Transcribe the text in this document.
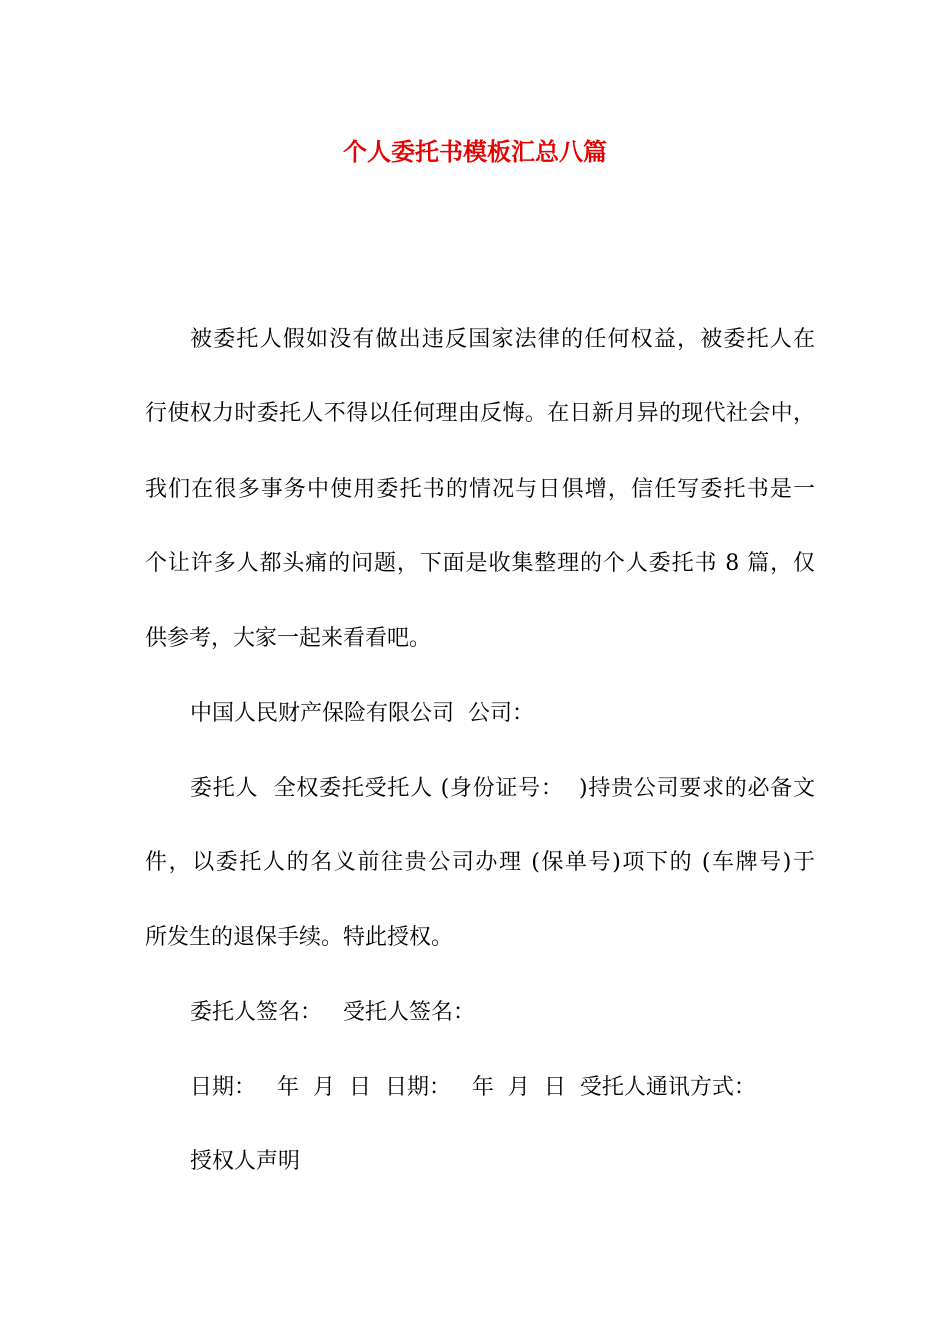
个人委托书模板汇总八篇

被委托人假如没有做出违反国家法律的任何权益，被委托人在

行使权力时委托人不得以任何理由反悔。在日新月异的现代社会中，

我们在很多事务中使用委托书的情况与日俱增，信任写委托书是一

个让许多人都头痛的问题，下面是收集整理的个人委托书 8 篇，仅

供参考，大家一起来看看吧。

中国人民财产保险有限公司  公司：

委托人  全权委托受托人 (身份证号：  )持贵公司要求的必备文

件，以委托人的名义前往贵公司办理 (保单号)项下的 (车牌号)于

所发生的退保手续。特此授权。

委托人签名：   受托人签名：

日期：   年  月  日  日期：   年  月  日  受托人通讯方式：

授权人声明
